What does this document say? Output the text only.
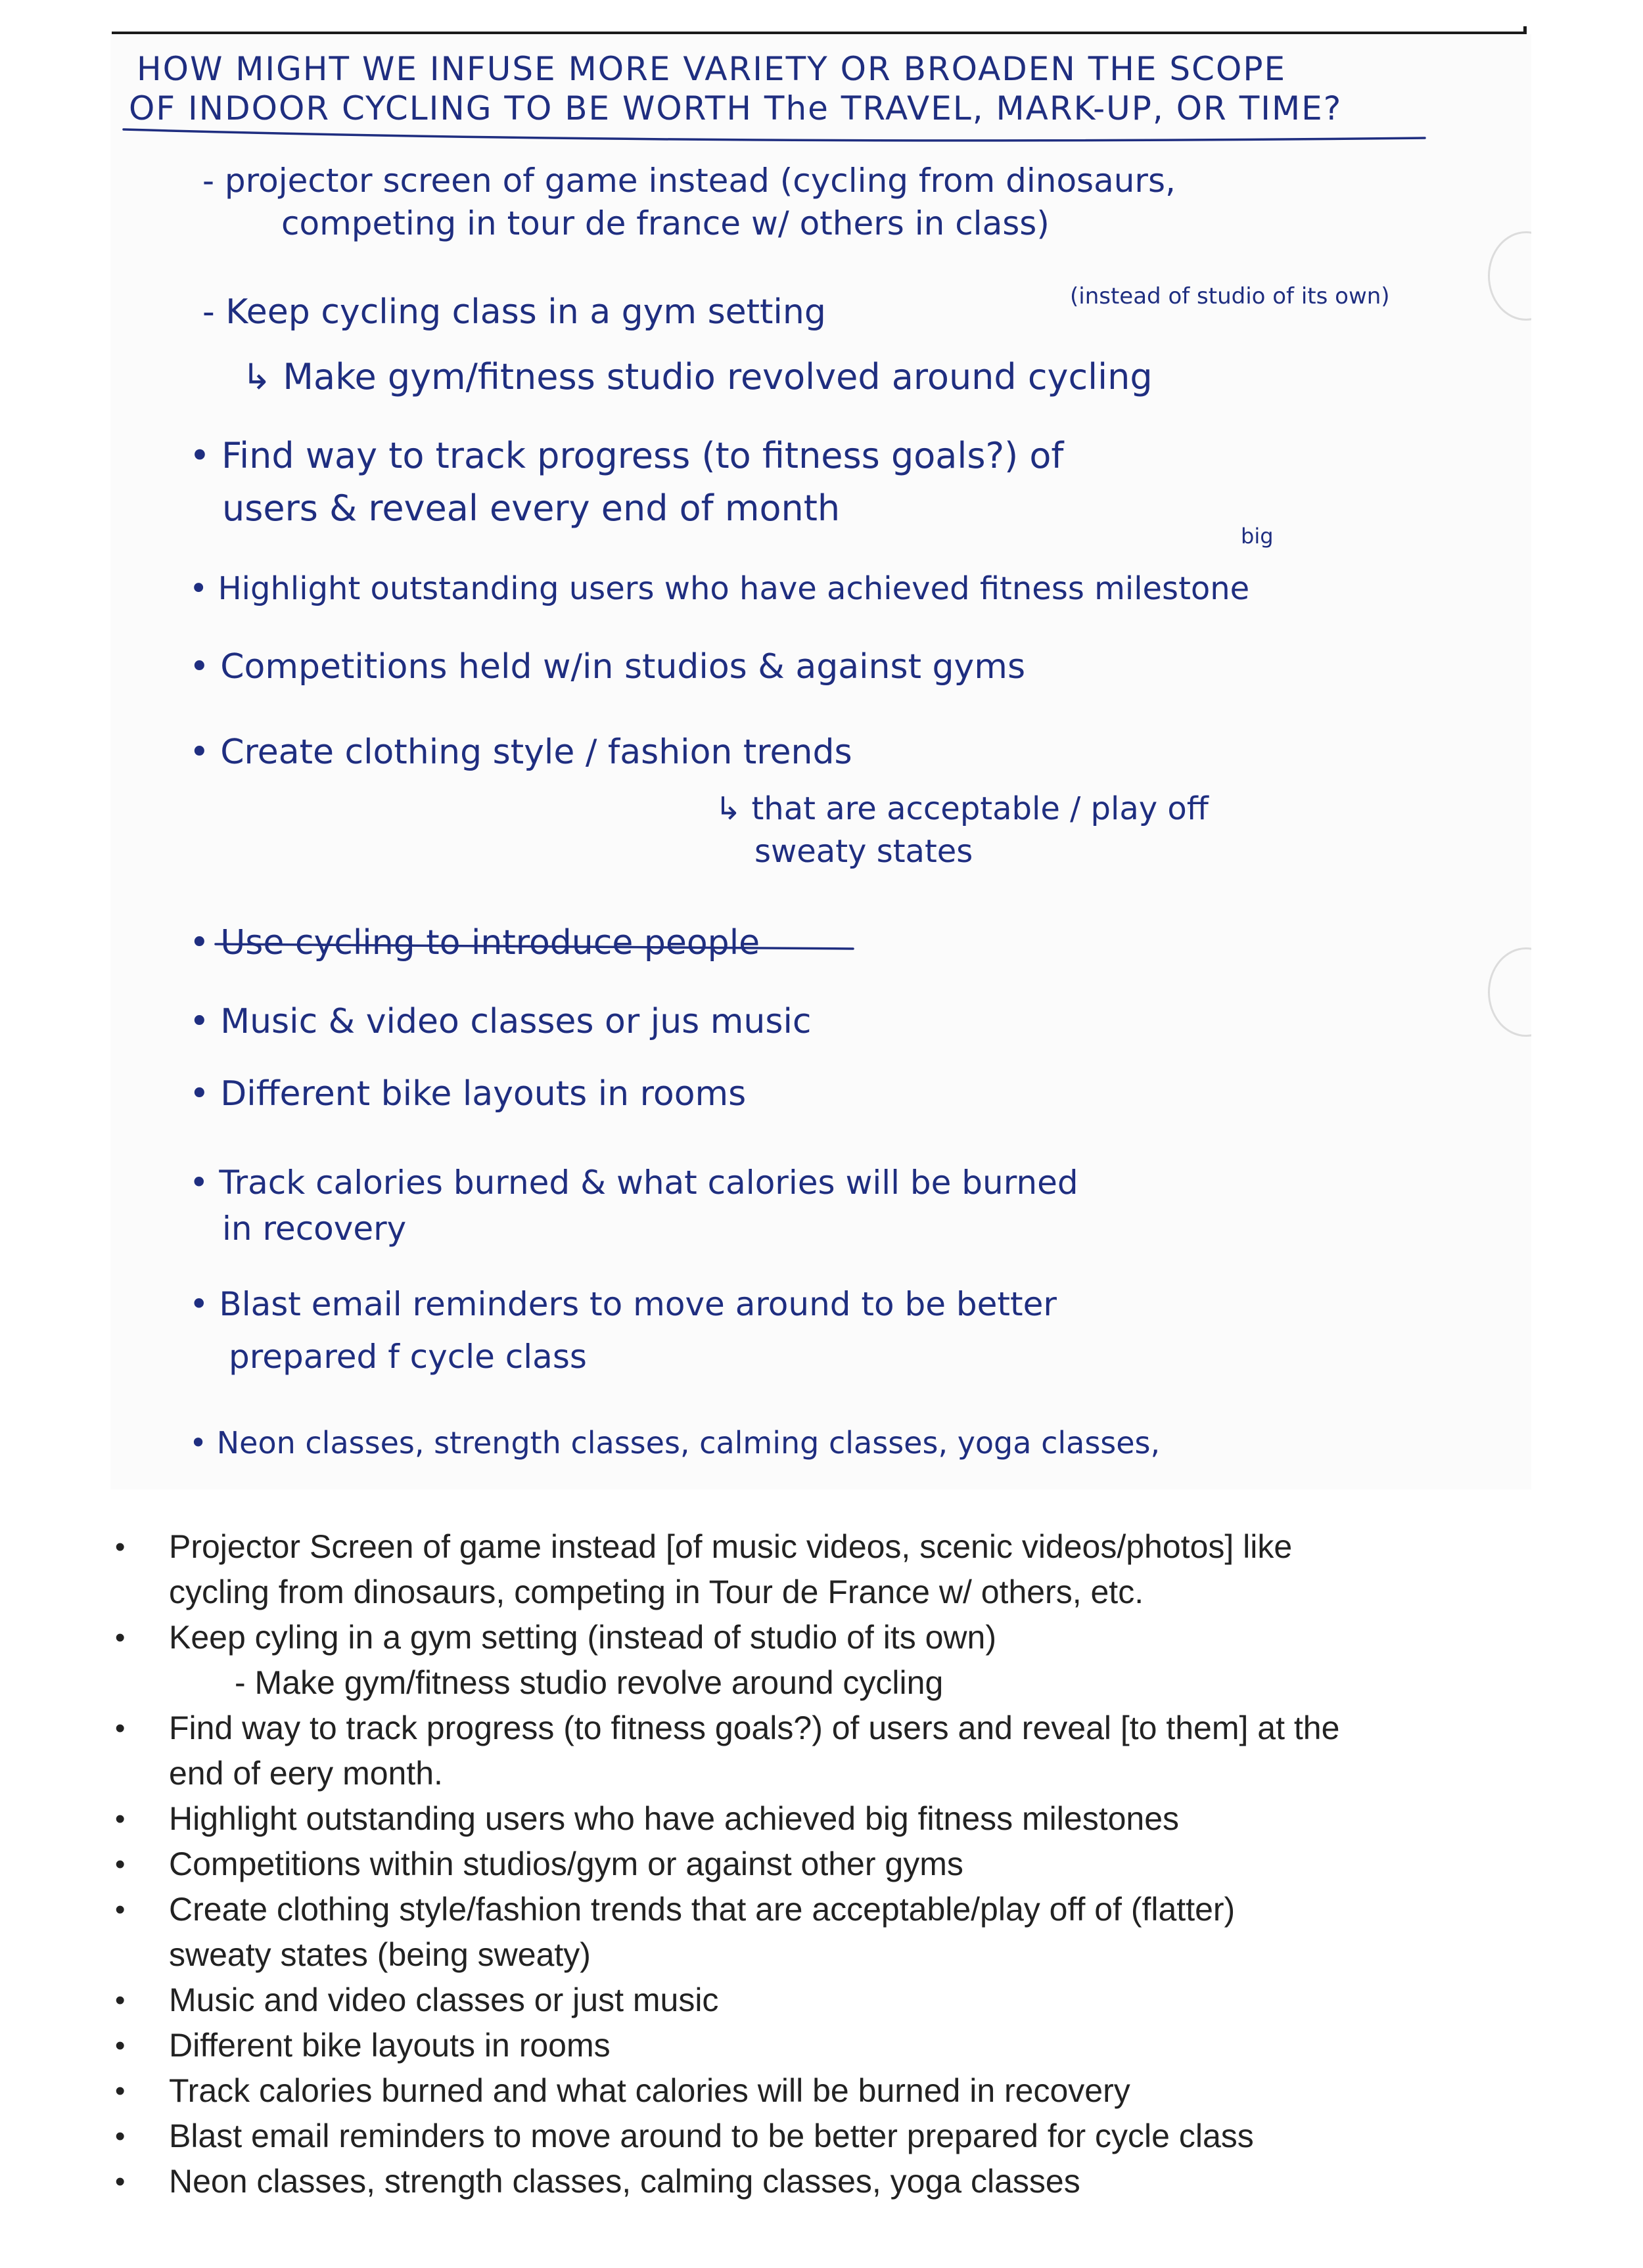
HOW MIGHT WE INFUSE MORE VARIETY OR BROADEN THE SCOPE
OF INDOOR CYCLING TO BE WORTH The TRAVEL, MARK-UP, OR TIME?
- projector screen of game instead (cycling from dinosaurs,
competing in tour de france w/ others in class)
- Keep cycling class in a gym setting	(instead of studio of its own)
↳ Make gym/fitness studio revolved around cycling
• Find way to track progress (to fitness goals?) of
users & reveal every end of month
big
• Highlight outstanding users who have achieved fitness milestone
• Competitions held w/in studios & against gyms
• Create clothing style / fashion trends
↳ that are acceptable / play off
sweaty states
• Use cycling to introduce people
• Music & video classes or jus music
• Different bike layouts in rooms
• Track calories burned & what calories will be burned
in recovery
• Blast email reminders to move around to be better
prepared f cycle class
• Neon classes, strength classes, calming classes, yoga classes,
•	Projector Screen of game instead [of music videos, scenic videos/photos] like
cycling from dinosaurs, competing in Tour de France w/ others, etc.
•	Keep cyling in a gym setting (instead of studio of its own)
- Make gym/fitness studio revolve around cycling
•	Find way to track progress (to fitness goals?) of users and reveal [to them] at the
end of eery month.
•	Highlight outstanding users who have achieved big fitness milestones
•	Competitions within studios/gym or against other gyms
•	Create clothing style/fashion trends that are acceptable/play off of (flatter)
sweaty states (being sweaty)
•	Music and video classes or just music
•	Different bike layouts in rooms
•	Track calories burned and what calories will be burned in recovery
•	Blast email reminders to move around to be better prepared for cycle class
•	Neon classes, strength classes, calming classes, yoga classes
